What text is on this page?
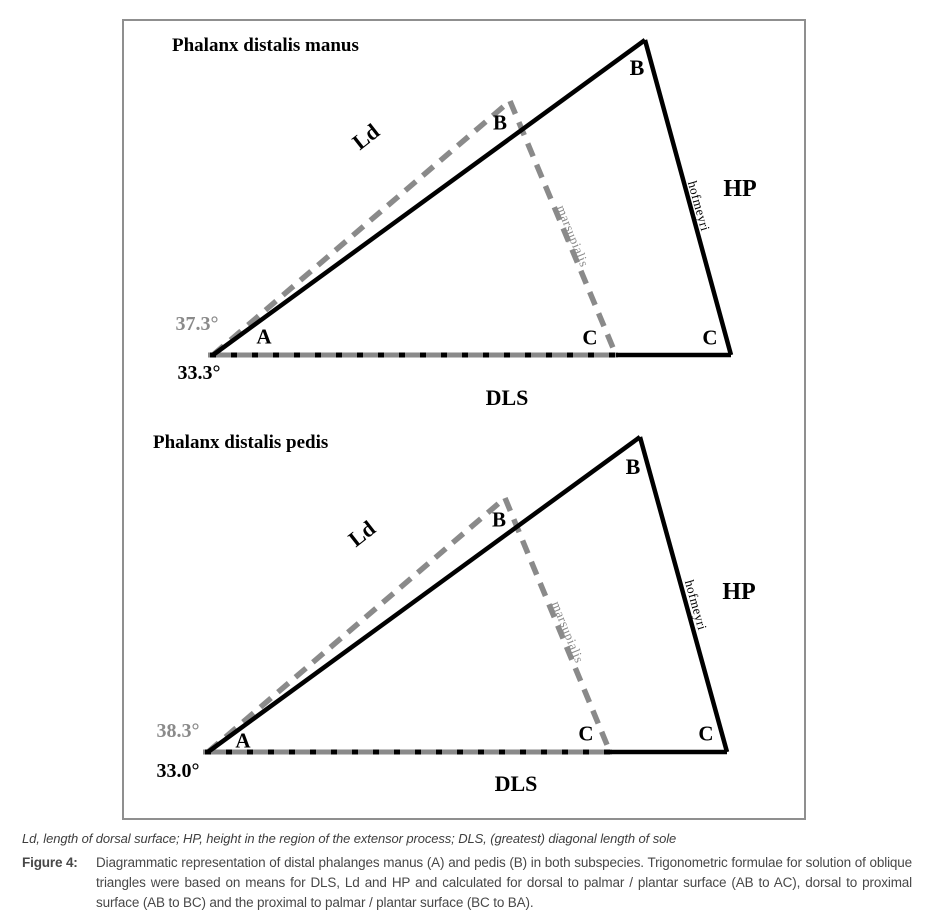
Phalanx distalis manus
Ld	B
B
marsupialis	hofmeyri HP
37.3°
A	C	C
33.3°
DLS
Phalanx distalis pedis
Ld	B
B
marsupialis	hofmeyri HP
38.3° A	C	C
33.0°	DLS
Ld, length of dorsal surface; HP, height in the region of the extensor process; DLS, (greatest) diagonal length of sole
Figure 4:	Diagrammatic representation of distal phalanges manus (A) and pedis (B) in both subspecies. Trigonometric formulae for solution of oblique triangles were based on means for DLS, Ld and HP and calculated for dorsal to palmar / plantar surface (AB to AC), dorsal to proximal surface (AB to BC) and the proximal to palmar / plantar surface (BC to BA).
